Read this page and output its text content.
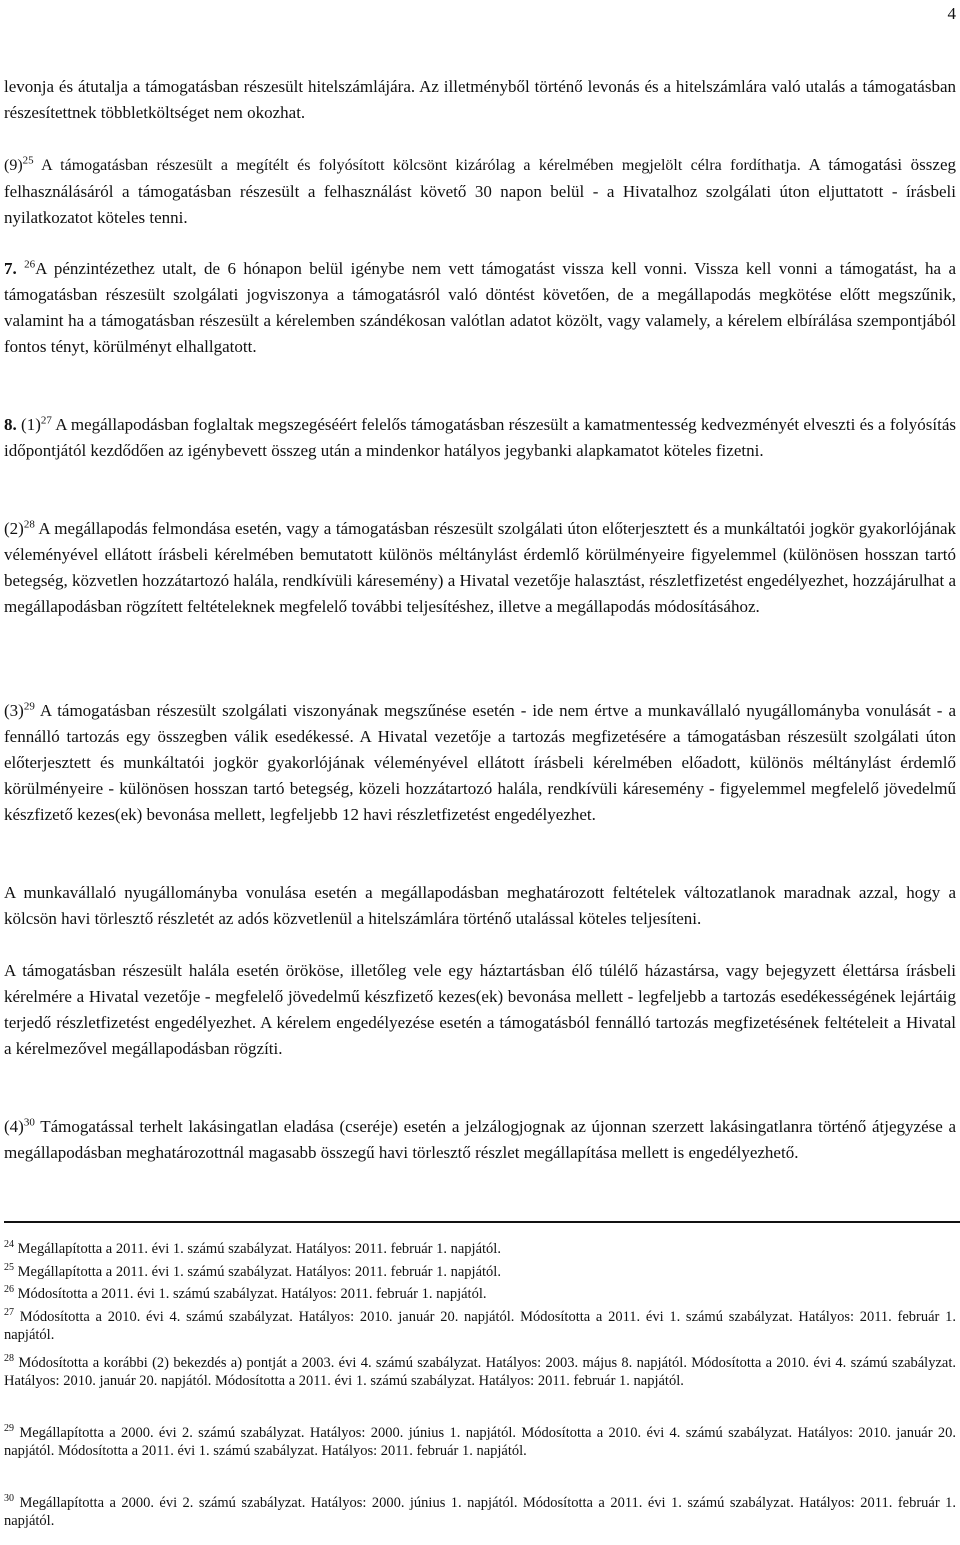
4

levonja és átutalja a támogatásban részesült hitelszámlájára. Az illetményből történő levonás és a hitelszámlára való utalás a támogatásban részesítettnek többletköltséget nem okozhat.

$(9)^{25}$ A támogatásban részesült a megítélt és folyósított kölcsönt kizárólag a kérelmében megjelölt célra fordíthatja. A támogatási összeg felhasználásáról a támogatásban részesült a felhasználást követő 30 napon belül - a Hivatalhoz szolgálati úton eljuttatott - írásbeli nyilatkozatot köteles tenni.

7. $^{26}$A pénzintézethez utalt, de 6 hónapon belül igénybe nem vett támogatást vissza kell vonni. Vissza kell vonni a támogatást, ha a támogatásban részesült szolgálati jogviszonya a támogatásról való döntést követően, de a megállapodás megkötése előtt megszűnik, valamint ha a támogatásban részesült a kérelemben szándékosan valótlan adatot közölt, vagy valamely, a kérelem elbírálása szempontjából fontos tényt, körülményt elhallgatott.

8. $(1)^{27}$ A megállapodásban foglaltak megszegéséért felelős támogatásban részesült a kamatmentesség kedvezményét elveszti és a folyósítás időpontjától kezdődően az igénybevett összeg után a mindenkor hatályos jegybanki alapkamatot köteles fizetni.

$(2)^{28}$ A megállapodás felmondása esetén, vagy a támogatásban részesült szolgálati úton előterjesztett és a munkáltatói jogkör gyakorlójának véleményével ellátott írásbeli kérelmében bemutatott különös méltánylást érdemlő körülményeire figyelemmel (különösen hosszan tartó betegség, közvetlen hozzátartozó halála, rendkívüli káresemény) a Hivatal vezetője halasztást, részletfizetést engedélyezhet, hozzájárulhat a megállapodásban rögzített feltételeknek megfelelő további teljesítéshez, illetve a megállapodás módosításához.

$(3)^{29}$ A támogatásban részesült szolgálati viszonyának megszűnése esetén - ide nem értve a munkavállaló nyugállományba vonulását - a fennálló tartozás egy összegben válik esedékessé. A Hivatal vezetője a tartozás megfizetésére a támogatásban részesült szolgálati úton előterjesztett és munkáltatói jogkör gyakorlójának véleményével ellátott írásbeli kérelmében előadott, különös méltánylást érdemlő körülményeire - különösen hosszan tartó betegség, közeli hozzátartozó halála, rendkívüli káresemény - figyelemmel megfelelő jövedelmű készfizető kezes(ek) bevonása mellett, legfeljebb 12 havi részletfizetést engedélyezhet.

A munkavállaló nyugállományba vonulása esetén a megállapodásban meghatározott feltételek változatlanok maradnak azzal, hogy a kölcsön havi törlesztő részletét az adós közvetlenül a hitelszámlára történő utalással köteles teljesíteni.

A támogatásban részesült halála esetén örököse, illetőleg vele egy háztartásban élő túlélő házastársa, vagy bejegyzett élettársa írásbeli kérelmére a Hivatal vezetője - megfelelő jövedelmű készfizető kezes(ek) bevonása mellett - legfeljebb a tartozás esedékességének lejártáig terjedő részletfizetést engedélyezhet. A kérelem engedélyezése esetén a támogatásból fennálló tartozás megfizetésének feltételeit a Hivatal a kérelmezővel megállapodásban rögzíti.

$(4)^{30}$ Támogatással terhelt lakásingatlan eladása (cseréje) esetén a jelzálogjognak az újonnan szerzett lakásingatlanra történő átjegyzése a megállapodásban meghatározottnál magasabb összegű havi törlesztő részlet megállapítása mellett is engedélyezhető.

$^{24}$ Megállapította a 2011. évi 1. számú szabályzat. Hatályos: 2011. február 1. napjától.

$^{25}$ Megállapította a 2011. évi 1. számú szabályzat. Hatályos: 2011. február 1. napjától.

$^{26}$ Módosította a 2011. évi 1. számú szabályzat. Hatályos: 2011. február 1. napjától.

$^{27}$ Módosította a 2010. évi 4. számú szabályzat. Hatályos: 2010. január 20. napjától. Módosította a 2011. évi 1. számú szabályzat. Hatályos: 2011. február 1. napjától.

$^{28}$ Módosította a korábbi (2) bekezdés a) pontját a 2003. évi 4. számú szabályzat. Hatályos: 2003. május 8. napjától. Módosította a 2010. évi 4. számú szabályzat. Hatályos: 2010. január 20. napjától. Módosította a 2011. évi 1. számú szabályzat. Hatályos: 2011. február 1. napjától.

$^{29}$ Megállapította a 2000. évi 2. számú szabályzat. Hatályos: 2000. június 1. napjától. Módosította a 2010. évi 4. számú szabályzat. Hatályos: 2010. január 20. napjától. Módosította a 2011. évi 1. számú szabályzat. Hatályos: 2011. február 1. napjától.

$^{30}$ Megállapította a 2000. évi 2. számú szabályzat. Hatályos: 2000. június 1. napjától. Módosította a 2011. évi 1. számú szabályzat. Hatályos: 2011. február 1. napjától.
